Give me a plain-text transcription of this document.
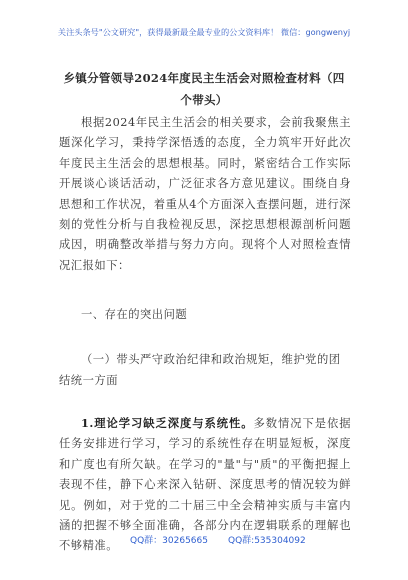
关注头条号"公文研究"，获得最新最全最专业的公文资料库！ 微信：gongwenyj
乡镇分管领导2024年度民主生活会对照检查材料（四个带头）
根据2024年民主生活会的相关要求，会前我聚焦主题深化学习，秉持学深悟透的态度，全力筑牢开好此次年度民主生活会的思想根基。同时，紧密结合工作实际开展谈心谈话活动，广泛征求各方意见建议。围绕自身思想和工作状况，着重从4个方面深入查摆问题，进行深刻的党性分析与自我检视反思，深挖思想根源剖析问题成因，明确整改举措与努力方向。现将个人对照检查情况汇报如下：
一、存在的突出问题
（一）带头严守政治纪律和政治规矩，维护党的团结统一方面
1.理论学习缺乏深度与系统性。多数情况下是依据任务安排进行学习，学习的系统性存在明显短板，深度和广度也有所欠缺。在学习的"量"与"质"的平衡把握上表现不佳，静下心来深入钻研、深度思考的情况较为鲜见。例如，对于党的二十届三中全会精神实质与丰富内涵的把握不够全面准确，各部分内在逻辑联系的理解也不够精准。	QQ群：30265665 QQ群:535304092
